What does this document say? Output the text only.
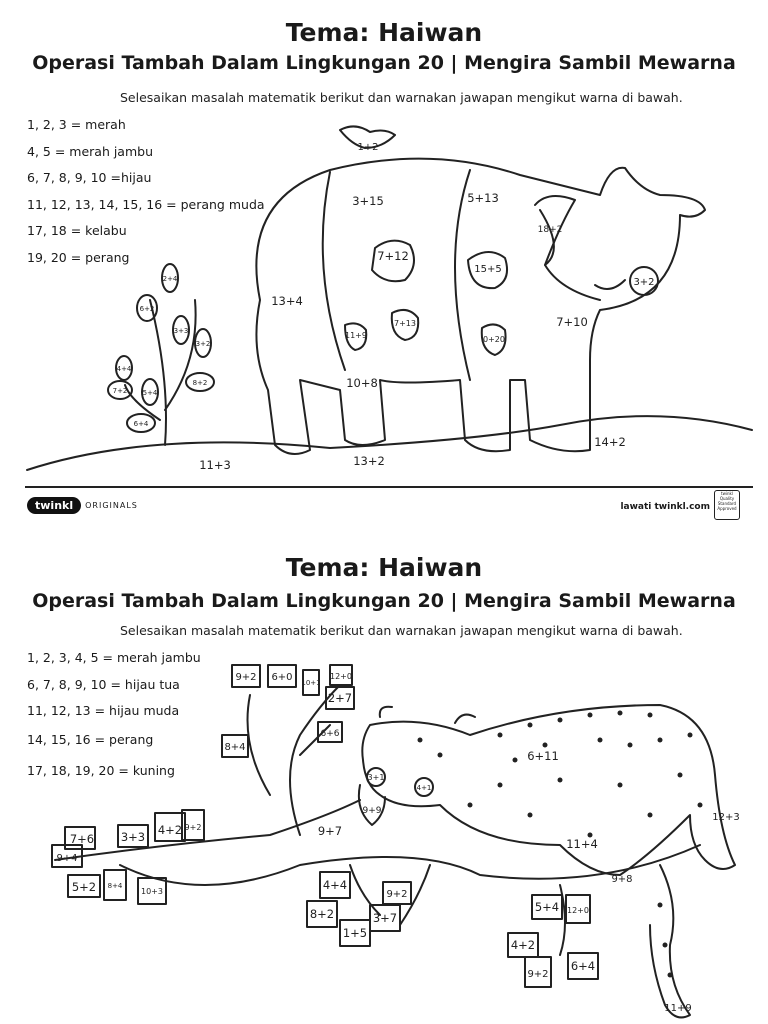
Tema: Haiwan
Operasi Tambah Dalam Lingkungan 20 | Mengira Sambil Mewarna
Selesaikan masalah matematik berikut dan warnakan jawapan mengikut warna di bawah.
1, 2, 3 = merah
4, 5 = merah jambu
6, 7, 8, 9, 10 =hijau
11, 12, 13, 14, 15, 16 = perang muda
17, 18 = kelabu
19, 20 = perang
1+2
3+15	5+13
7+12
15+5
18+2
3+2
13+4
7+10
11+9
7+13
0+20
10+8
11+3	13+2
14+2
2+4
6+2
3+3
3+2
4+4
7+2 5+4
8+2
6+4
twinkl	ORIGINALS	lawati twinkl.com
twinkl Quality Standard Approved
Tema: Haiwan
Operasi Tambah Dalam Lingkungan 20 | Mengira Sambil Mewarna
Selesaikan masalah matematik berikut dan warnakan jawapan mengikut warna di bawah.
1, 2, 3, 4, 5 = merah jambu
6, 7, 8, 9, 10 = hijau tua
11, 12, 13 = hijau muda
14, 15, 16 = perang
17, 18, 19, 20 = kuning
9+2 6+0 10+1
12+0
2+7
6+6
8+4
3+1
4+1
9+9
6+11
12+3
9+7
11+4
7+6 3+3 4+2 9+2
9+4
5+2 8+4
10+3	4+4
9+2
8+2	3+7
1+5
5+4 12+0
4+2
9+2
6+4
9+8
11+9
